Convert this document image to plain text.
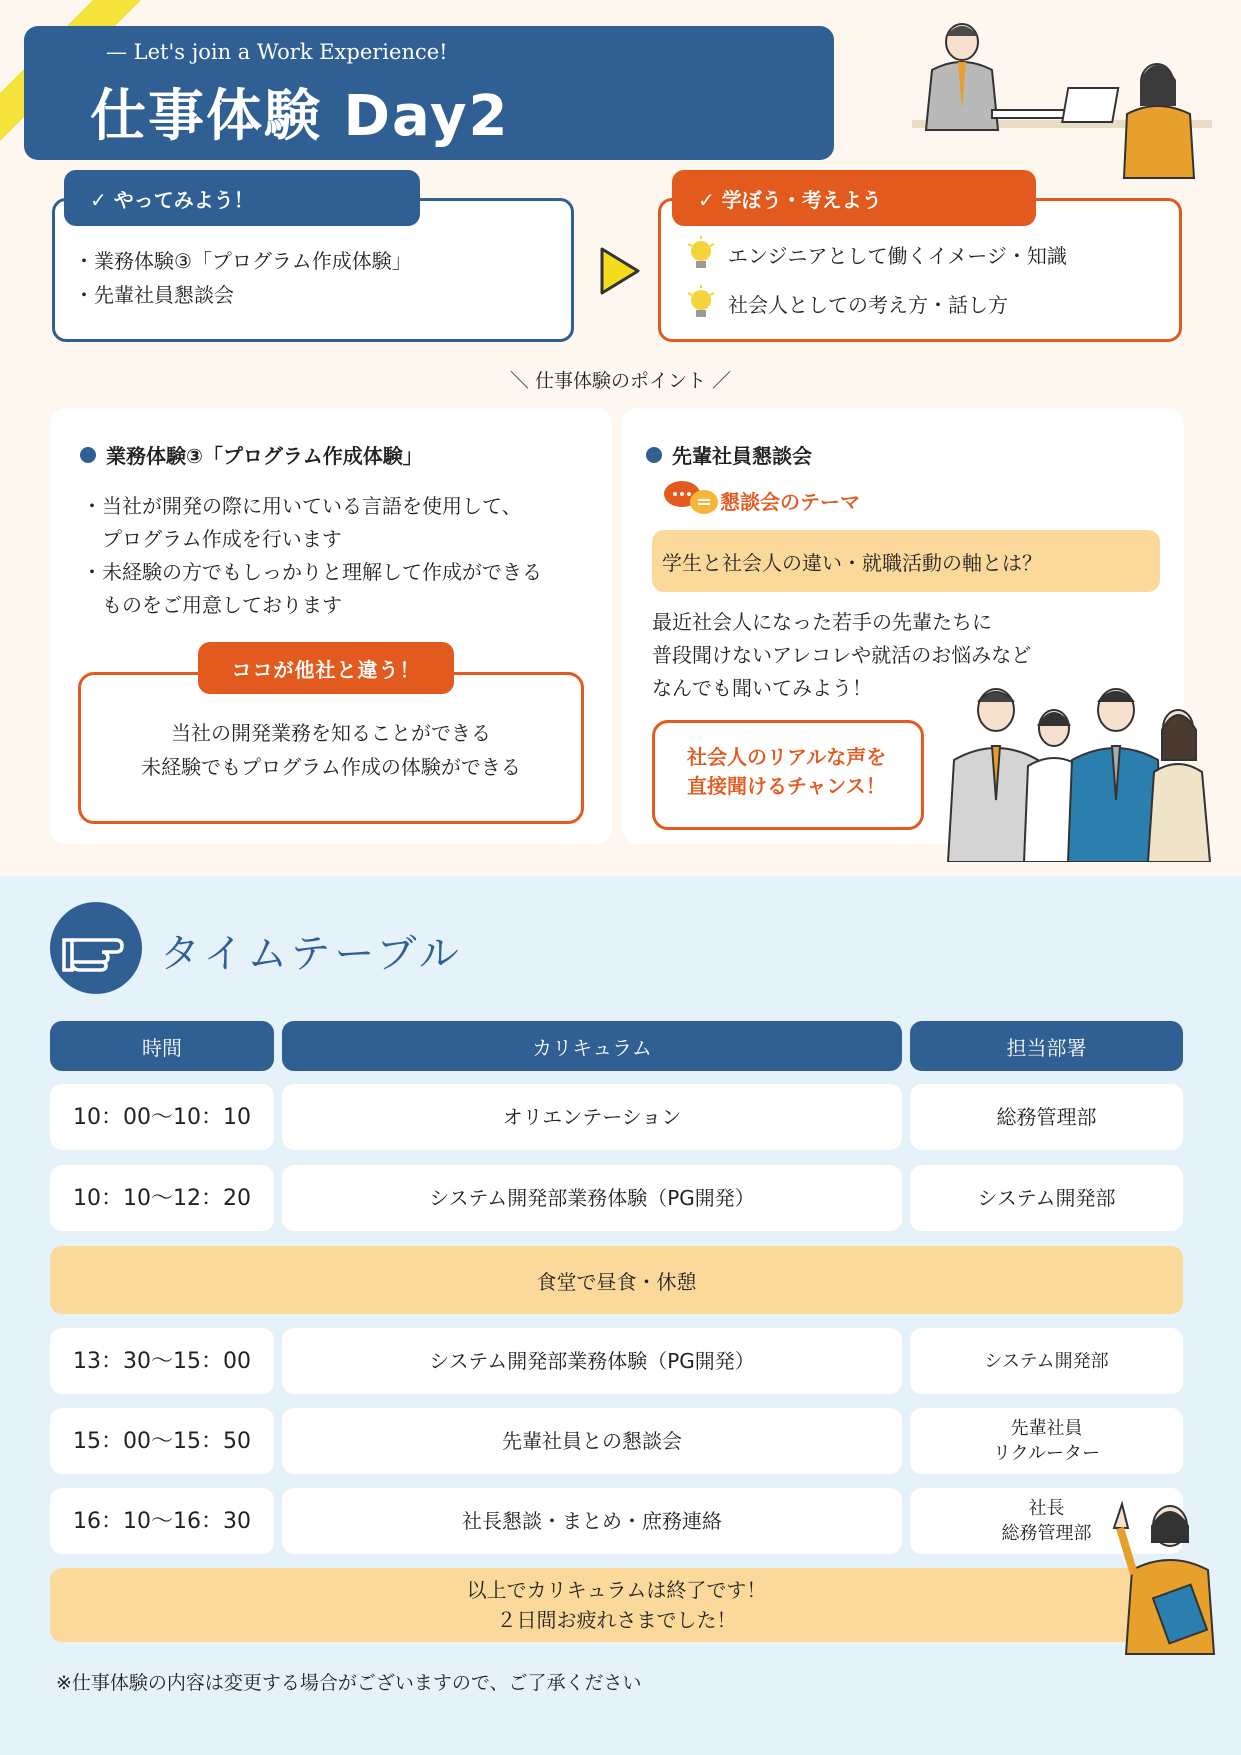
— Let's join a Work Experience!
仕事体験 Day2
✓ やってみよう！
・業務体験③「プログラム作成体験」
・先輩社員懇談会
✓ 学ぼう・考えよう
エンジニアとして働くイメージ・知識
社会人としての考え方・話し方
＼ 仕事体験のポイント ／
業務体験③「プログラム作成体験」
・当社が開発の際に用いている言語を使用して、
　プログラム作成を行います
・未経験の方でもしっかりと理解して作成ができる
　ものをご用意しております
ココが他社と違う！
当社の開発業務を知ることができる
未経験でもプログラム作成の体験ができる
先輩社員懇談会
懇談会のテーマ
学生と社会人の違い・就職活動の軸とは？
最近社会人になった若手の先輩たちに
普段聞けないアレコレや就活のお悩みなど
なんでも聞いてみよう！
社会人のリアルな声を
直接聞けるチャンス！
タイムテーブル
時間	カリキュラム	担当部署
10：00〜10：10	オリエンテーション	総務管理部
10：10〜12：20	システム開発部業務体験（PG開発）	システム開発部
食堂で昼食・休憩
13：30〜15：00	システム開発部業務体験（PG開発）	システム開発部
15：00〜15：50	先輩社員との懇談会	先輩社員
リクルーター
16：10〜16：30	社長懇談・まとめ・庶務連絡	社長
総務管理部
以上でカリキュラムは終了です！
２日間お疲れさまでした！
※仕事体験の内容は変更する場合がございますので、ご了承ください
